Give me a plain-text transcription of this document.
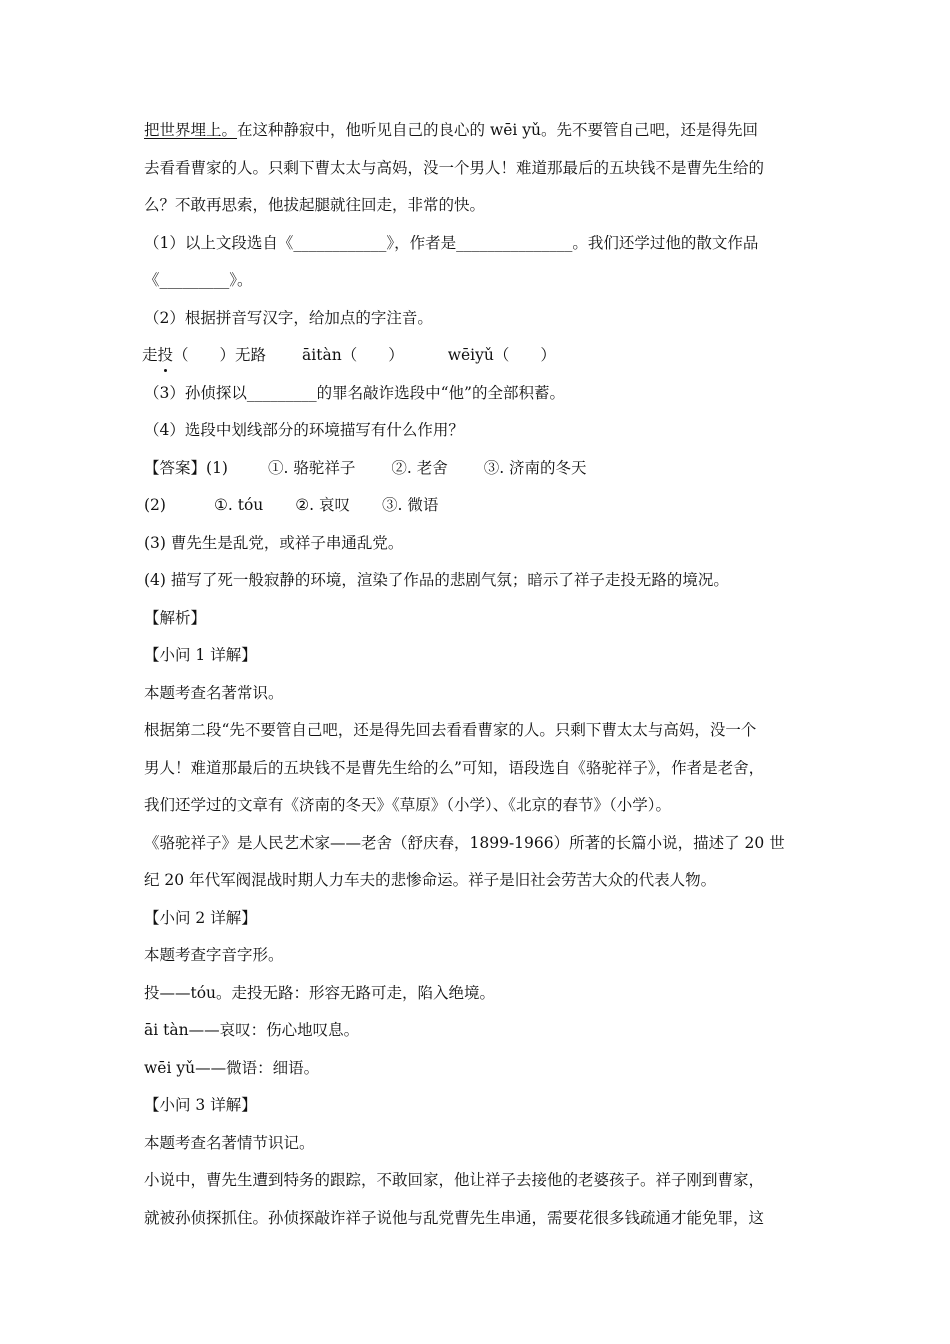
把世界埋上。在这种静寂中，他听见自己的良心的 wēi yǔ。先不要管自己吧，还是得先回
去看看曹家的人。只剩下曹太太与高妈，没一个男人！难道那最后的五块钱不是曹先生给的
么？不敢再思索，他拔起腿就往回走，非常的快。
（1）以上文段选自《____________》，作者是_______________。我们还学过他的散文作品
《_________》。
（2）根据拼音写汉字，给加点的字注音。
走投（　　）无路 āitàn（　　）	wēiyǔ（　　）
（3）孙侦探以_________的罪名敲诈选段中“他”的全部积蓄。
（4）选段中划线部分的环境描写有什么作用？
【答案】(1)	①. 骆驼祥子 ②. 老舍 ③. 济南的冬天
(2)	①. tóu ②. 哀叹 ③. 微语
(3) 曹先生是乱党，或祥子串通乱党。
(4) 描写了死一般寂静的环境，渲染了作品的悲剧气氛；暗示了祥子走投无路的境况。
【解析】
【小问 1 详解】
本题考查名著常识。
根据第二段“先不要管自己吧，还是得先回去看看曹家的人。只剩下曹太太与高妈，没一个
男人！难道那最后的五块钱不是曹先生给的么”可知，语段选自《骆驼祥子》，作者是老舍，
我们还学过的文章有《济南的冬天》《草原》（小学）、《北京的春节》（小学）。
《骆驼祥子》是人民艺术家——老舍（舒庆春，1899-1966）所著的长篇小说，描述了 20 世
纪 20 年代军阀混战时期人力车夫的悲惨命运。祥子是旧社会劳苦大众的代表人物。
【小问 2 详解】
本题考查字音字形。
投——tóu。走投无路：形容无路可走，陷入绝境。
āi tàn——哀叹：伤心地叹息。
wēi yǔ——微语：细语。
【小问 3 详解】
本题考查名著情节识记。
小说中，曹先生遭到特务的跟踪，不敢回家，他让祥子去接他的老婆孩子。祥子刚到曹家，
就被孙侦探抓住。孙侦探敲诈祥子说他与乱党曹先生串通，需要花很多钱疏通才能免罪，这
